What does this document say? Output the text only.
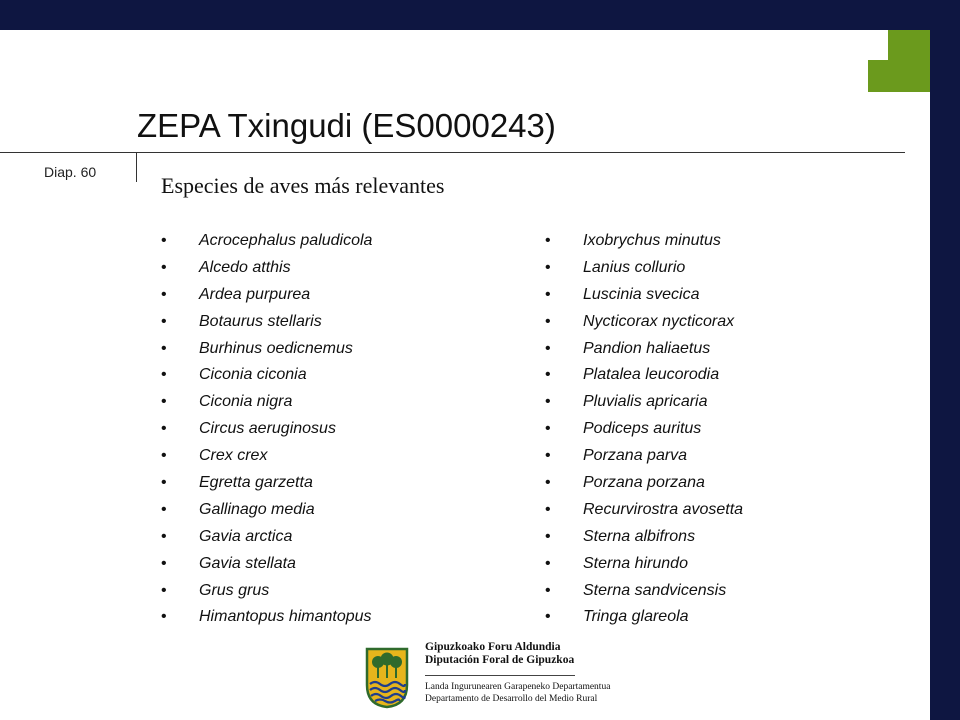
ZEPA Txingudi (ES0000243)
Diap. 60
Especies de aves más relevantes
• Acrocephalus paludicola
• Alcedo atthis
• Ardea purpurea
• Botaurus stellaris
• Burhinus oedicnemus
• Ciconia ciconia
• Ciconia nigra
• Circus aeruginosus
• Crex crex
• Egretta garzetta
• Gallinago media
• Gavia arctica
• Gavia stellata
• Grus grus
• Himantopus himantopus
• Ixobrychus minutus
• Lanius collurio
• Luscinia svecica
• Nycticorax nycticorax
• Pandion haliaetus
• Platalea leucorodia
• Pluvialis apricaria
• Podiceps auritus
• Porzana parva
• Porzana porzana
• Recurvirostra avosetta
• Sterna albifrons
• Sterna hirundo
• Sterna sandvicensis
• Tringa glareola
Gipuzkoako Foru Aldundia
Diputación Foral de Gipuzkoa
Landa Ingurunearen Garapeneko Departamentua
Departamento de Desarrollo del Medio Rural
